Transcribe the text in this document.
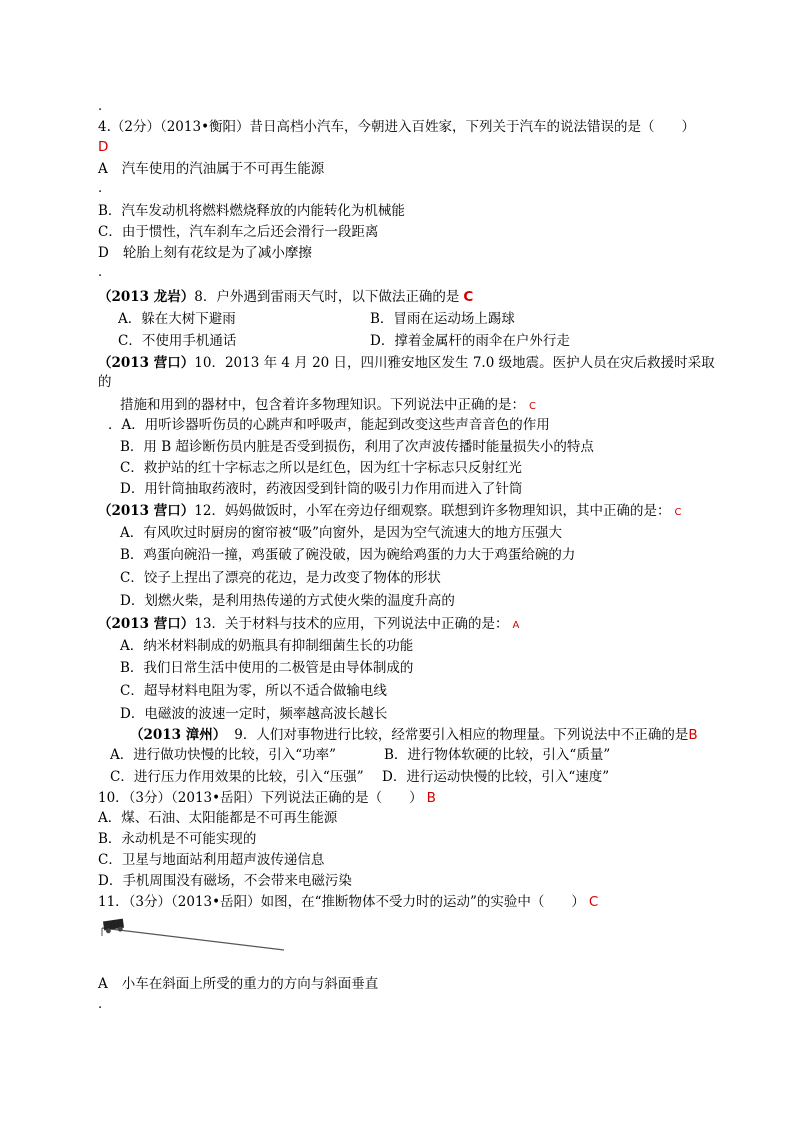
.
4.（2分）（2013•衡阳）昔日高档小汽车，今朝进入百姓家，下列关于汽车的说法错误的是（　　）
D
A 汽车使用的汽油属于不可再生能源
.
B．汽车发动机将燃料燃烧释放的内能转化为机械能
C．由于惯性，汽车刹车之后还会滑行一段距离
D 轮胎上刻有花纹是为了减小摩擦
.
（2013 龙岩）8．户外遇到雷雨天气时，以下做法正确的是 C
A．躲在大树下避雨	B．冒雨在运动场上踢球
C．不使用手机通话	D．撑着金属杆的雨伞在户外行走
（2013 营口）10．2013 年 4 月 20 日，四川雅安地区发生 7.0 级地震。医护人员在灾后救援时采取
的
措施和用到的器材中，包含着许多物理知识。下列说法中正确的是： C
．A．用听诊器听伤员的心跳声和呼吸声，能起到改变这些声音音色的作用
B．用 B 超诊断伤员内脏是否受到损伤，利用了次声波传播时能量损失小的特点
C．救护站的红十字标志之所以是红色，因为红十字标志只反射红光
D．用针筒抽取药液时，药液因受到针筒的吸引力作用而进入了针筒
（2013 营口）12．妈妈做饭时，小军在旁边仔细观察。联想到许多物理知识，其中正确的是： C
A．有风吹过时厨房的窗帘被“吸”向窗外，是因为空气流速大的地方压强大
B．鸡蛋向碗沿一撞，鸡蛋破了碗没破，因为碗给鸡蛋的力大于鸡蛋给碗的力
C．饺子上捏出了漂亮的花边，是力改变了物体的形状
D．划燃火柴，是利用热传递的方式使火柴的温度升高的
（2013 营口）13．关于材料与技术的应用，下列说法中正确的是： A
A．纳米材料制成的奶瓶具有抑制细菌生长的功能
B．我们日常生活中使用的二极管是由导体制成的
C．超导材料电阻为零，所以不适合做输电线
D．电磁波的波速一定时，频率越高波长越长
（2013 漳州） 9．人们对事物进行比较，经常要引入相应的物理量。下列说法中不正确的是B
A．进行做功快慢的比较，引入“功率”	B．进行物体软硬的比较，引入“质量”
C．进行压力作用效果的比较，引入“压强” D．进行运动快慢的比较，引入“速度”
10．（3分）（2013•岳阳）下列说法正确的是（　　） B
A．煤、石油、太阳能都是不可再生能源
B．永动机是不可能实现的
C．卫星与地面站利用超声波传递信息
D．手机周围没有磁场，不会带来电磁污染
11．（3分）（2013•岳阳）如图，在“推断物体不受力时的运动”的实验中（　　） C
A 小车在斜面上所受的重力的方向与斜面垂直
.
